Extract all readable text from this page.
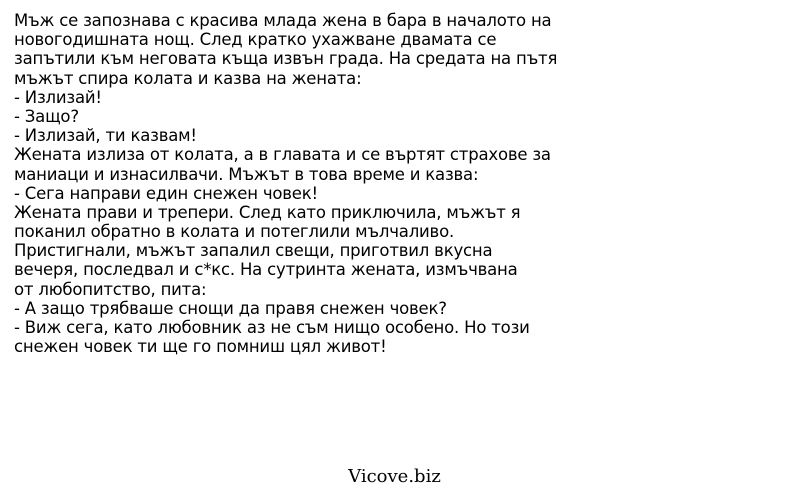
Мъж се запознава с красива млада жена в бара в началото на
новогодишната нощ. След кратко ухажване двамата се
запътили към неговата къща извън града. На средата на пътя
мъжът спира колата и казва на жената:
- Излизай!
- Защо?
- Излизай, ти казвам!
Жената излиза от колата, а в главата и се въртят страхове за
маниаци и изнасилвачи. Мъжът в това време и казва:
- Сега направи един снежен човек!
Жената прави и трепери. След като приключила, мъжът я
поканил обратно в колата и потеглили мълчаливо.
Пристигнали, мъжът запалил свещи, приготвил вкусна
вечеря, последвал и с*кс. На сутринта жената, измъчвана
от любопитство, пита:
- А защо трябваше снощи да правя снежен човек?
- Виж сега, като любовник аз не съм нищо особено. Но този
снежен човек ти ще го помниш цял живот!
Vicove.biz
